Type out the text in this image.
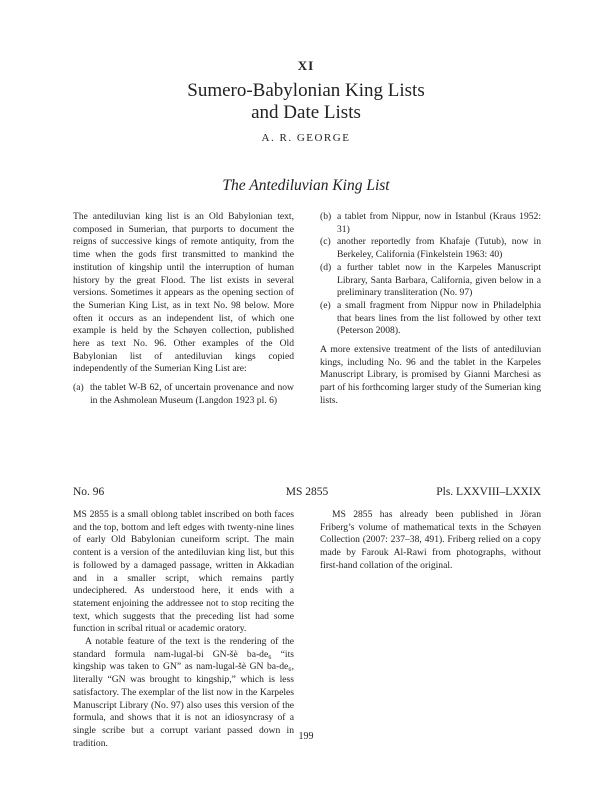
XI
Sumero-Babylonian King Lists
and Date Lists
A. R. GEORGE
The Antediluvian King List

The antediluvian king list is an Old Babylonian text, composed in Sumerian, that purports to document the reigns of successive kings of remote antiquity, from the time when the gods first transmitted to mankind the institution of kingship until the interruption of human history by the great Flood. The list exists in several versions. Sometimes it appears as the opening section of the Sumerian King List, as in text No. 98 below. More often it occurs as an independent list, of which one example is held by the Schøyen collection, published here as text No. 96. Other examples of the Old Babylonian list of antediluvian kings copied independently of the Sumerian King List are:

(a) the tablet W-B 62, of uncertain provenance and now in the Ashmolean Museum (Langdon 1923 pl. 6)

(b) a tablet from Nippur, now in Istanbul (Kraus 1952: 31)

(c) another reportedly from Khafaje (Tutub), now in Berkeley, California (Finkelstein 1963: 40)

(d) a further tablet now in the Karpeles Manuscript Library, Santa Barbara, California, given below in a preliminary transliteration (No. 97)

(e) a small fragment from Nippur now in Philadelphia that bears lines from the list followed by other text (Peterson 2008).

A more extensive treatment of the lists of antediluvian kings, including No. 96 and the tablet in the Karpeles Manuscript Library, is promised by Gianni Marchesi as part of his forthcoming larger study of the Sumerian king lists.

No. 96	MS 2855	Pls. LXXVIII–LXXIX

MS 2855 is a small oblong tablet inscribed on both faces and the top, bottom and left edges with twenty-nine lines of early Old Babylonian cuneiform script. The main content is a version of the antediluvian king list, but this is followed by a damaged passage, written in Akkadian and in a smaller script, which remains partly undeciphered. As understood here, it ends with a statement enjoining the addressee not to stop reciting the text, which suggests that the preceding list had some function in scribal ritual or academic oratory.

A notable feature of the text is the rendering of the standard formula nam-lugal-bi GN-šè ba-de₆ “its kingship was taken to GN” as nam-lugal-šè GN ba-de₆, literally “GN was brought to kingship,” which is less satisfactory. The exemplar of the list now in the Karpeles Manuscript Library (No. 97) also uses this version of the formula, and shows that it is not an idiosyncrasy of a single scribe but a corrupt variant passed down in tradition.

MS 2855 has already been published in Jöran Friberg’s volume of mathematical texts in the Schøyen Collection (2007: 237–38, 491). Friberg relied on a copy made by Farouk Al-Rawi from photographs, without first-hand collation of the original.

199
